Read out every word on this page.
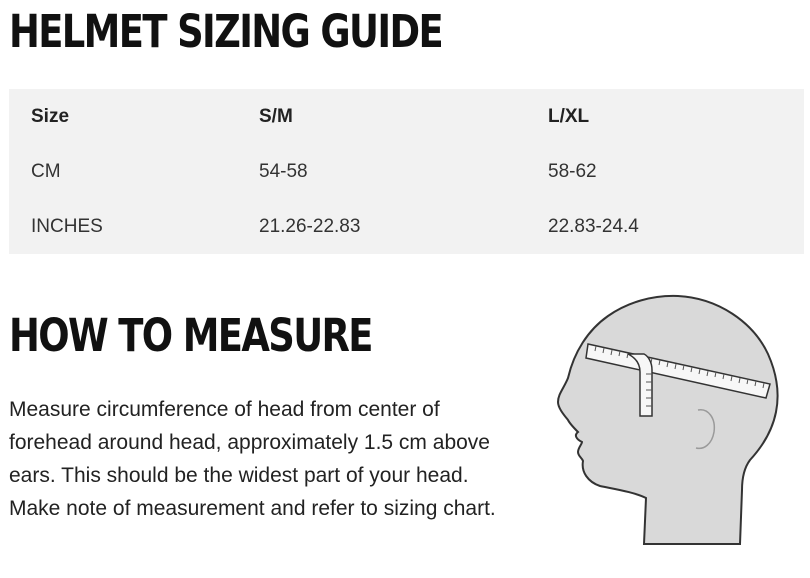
HELMET SIZING GUIDE
Size	S/M	L/XL
CM	54-58	58-62
INCHES	21.26-22.83	22.83-24.4
HOW TO MEASURE

Measure circumference of head from center of forehead around head, approximately 1.5 cm above ears. This should be the widest part of your head. Make note of measurement and refer to sizing chart.
